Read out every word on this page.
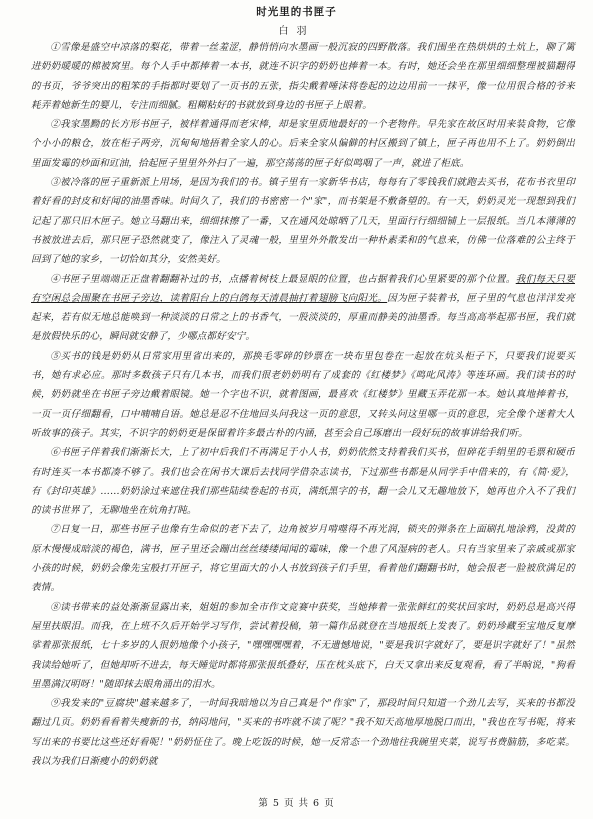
时光里的书匣子
白羽

①雪像是盛空中凉落的梨花，带着一丝羞涩，静悄悄向水墨画一般沉寂的四野散落。我们围坐在热烘烘的土炕上，聊了篱进奶奶暖暖的棉被窝里。每个人手中都捧着一本书，就连不识字的奶奶也捧着一本。有时，她还会坐在那里细细整理被猫翻得的书页，爷爷突出的粗笨的手指都时要划了一页书的五张，指尖戴着唾沫将卷起的边边用前一一抹平，像一位用很合格的爷来耗弄着她新生的婴儿，专注而细腻。粗糊粘好的书就放到身边的书匣子上眼着。

②我家墨黝的长方形书匣子，被样着通得而老宋棒，却是家里质地最好的一个老物件。早先家在故区时用来装食物，它像个小小的粮仓，放在柜子两旁，沉甸甸地捂着全家人的心。后来全家从偏僻的村区搬到了镇上，匣子再也用不上了。奶奶倒出里面发霉的炒面和豇油，拾起匣子里里外外扫了一遍，那空荡荡的匣子好似鸣咽了一声，就进了柜底。

③被冷落的匣子重新派上用场，是因为我们的书。镇子里有一家新华书店，每每有了零钱我们就跑去买书，花布书衣里印着好看的封皮和好闻的油墨香味。时间久了，我们的书密密一个"家"，而书架是不敷备望的。有一天，奶奶灵光一现想到我们记起了那只旧木匣子。她立马翻出来，细细抹擦了一番，又在通风处晾晒了几天，里面行行细细铺上一层报纸。当几本薄薄的书被放进去后，那只匣子恐然就变了，像注入了灵魂一般，里里外外散发出一种朴素柔和的气息来，仿佛一位落难的公主终于回到了她的家乡，一切恰如其分，安然美好。

④书匣子里端端正正盘着翻翻补过的书，点播着树枝上最显眼的位置，也占据着我们心里紧要的那个位置。我们每天只要有空闲总会围聚在书匣子旁边，读着阳台上的白鸽每天清晨抽打着翅膀飞向阳光。因为匣子装着书，匣子里的气息也洋洋发亮起来，若有似无地总能唤到一种淡淡的日常之上的书香气，一股淡淡的，厚重而静美的油墨香。每当高高举起那书匣，我们就是放假快乐的心，瞬间就安静了，少哪点都好安宁。

⑤买书的钱是奶奶从日常家用里省出来的，那换毛零碎的钞票在一块布里包卷在一起放在炕头柜子下，只要我们说要买书，她有求必应。那时多数孩子只有几本书，而我们很老奶奶明有了成套的《红楼梦》《鸣叱风涛》等连环画。我们读书的时候，奶奶就坐在书匣子旁边戴着眼镜。她一个字也不识，就着图画，最喜欢《红楼梦》里藏玉弄花那一本。她认真地捧着书，一页一页仔细翻看，口中喃喃自语。她总是忍不住地回头问我这一页的意思，又转头问这里哪一页的意思，完全像个迷着大人听故事的孩子。其实，不识字的奶奶更是保留着许多最古朴的内涵，甚至会自己琢磨出一段好玩的故事讲给我们听。

⑥书匣子伴着我们渐渐长大，上了初中后我们不再满足于小人书，奶奶依然支持着我们买书，但碎花手绢里的毛票和硬币有时连买一本书都凑不够了。我们也会在闲书大课后去找同学借杂志读书，下过那些书都是从同学手中借来的，有《简·爱》，有《封印英雄》……奶奶涂过来遮住我们那些陆续卷起的书页，满纸黑字的书，翻一会儿又无趣地放下，她再也介入不了我们的读书世界了，无聊地坐在炕角打盹。

⑦日复一日，那些书匣子也像有生命似的老下去了，边角被岁月啃噬得不再光润，锁夹的弹条在上面刷扎地涂鸦，没黄的原木慢慢成暗淡的褐色，满书，匣子里还会蹦出丝丝缕缕闻闻的霉味，像一个患了风湿病的老人。只有当家里来了亲戚或那家小孩的时候，奶奶会像先宝般打开匣子，将它里面大的小人书放到孩子们手里，看着他们翻翻书时，她会报老一脸被欣满足的表情。

⑧读书带来的益处渐渐显露出来，姐姐的参加全市作文竞赛中获奖，当她捧着一张张鲜红的奖状回家时，奶奶总是高兴得屋里扶眼泪。而我，在上班不久后开始学习写作，尝试着投稿，第一篇作品就登在当地报纸上发表了。奶奶珍藏至宝地反复摩挲着那张报纸，七十多岁的人很奶地像个小孩子，"嘿嘿嘿嘿着，不无遗憾地说，"要是我识字就好了，要是识字就好了！"虽然我读给她听了，但她却听不进去，每天睡觉时都将那张报纸叠好，压在枕头底下，白天又拿出来反复观看，看了半晌说，"狗看里墨满汉明呀！"随即抹去眼角涌出的泪水。

⑨我发来的"豆腐块"越来越多了，一时间我暗地以为自己真是个"作家"了，那段时间只知道一个劲儿去写，买来的书都没翻过几页。奶奶看看着失瘦新的书，纳闷地问，"买来的书咋就不读了呢？"我不知天高地厚地脱口而出，"我也在写书呢，将来写出来的书要比这些还好看呢！"奶奶怔住了。晚上吃饭的时候，她一反常态一个劲地往我碗里夹菜，说写书费脑筋，多吃菜。我以为我们日渐瘦小的奶奶就

第 5 页 共 6 页
